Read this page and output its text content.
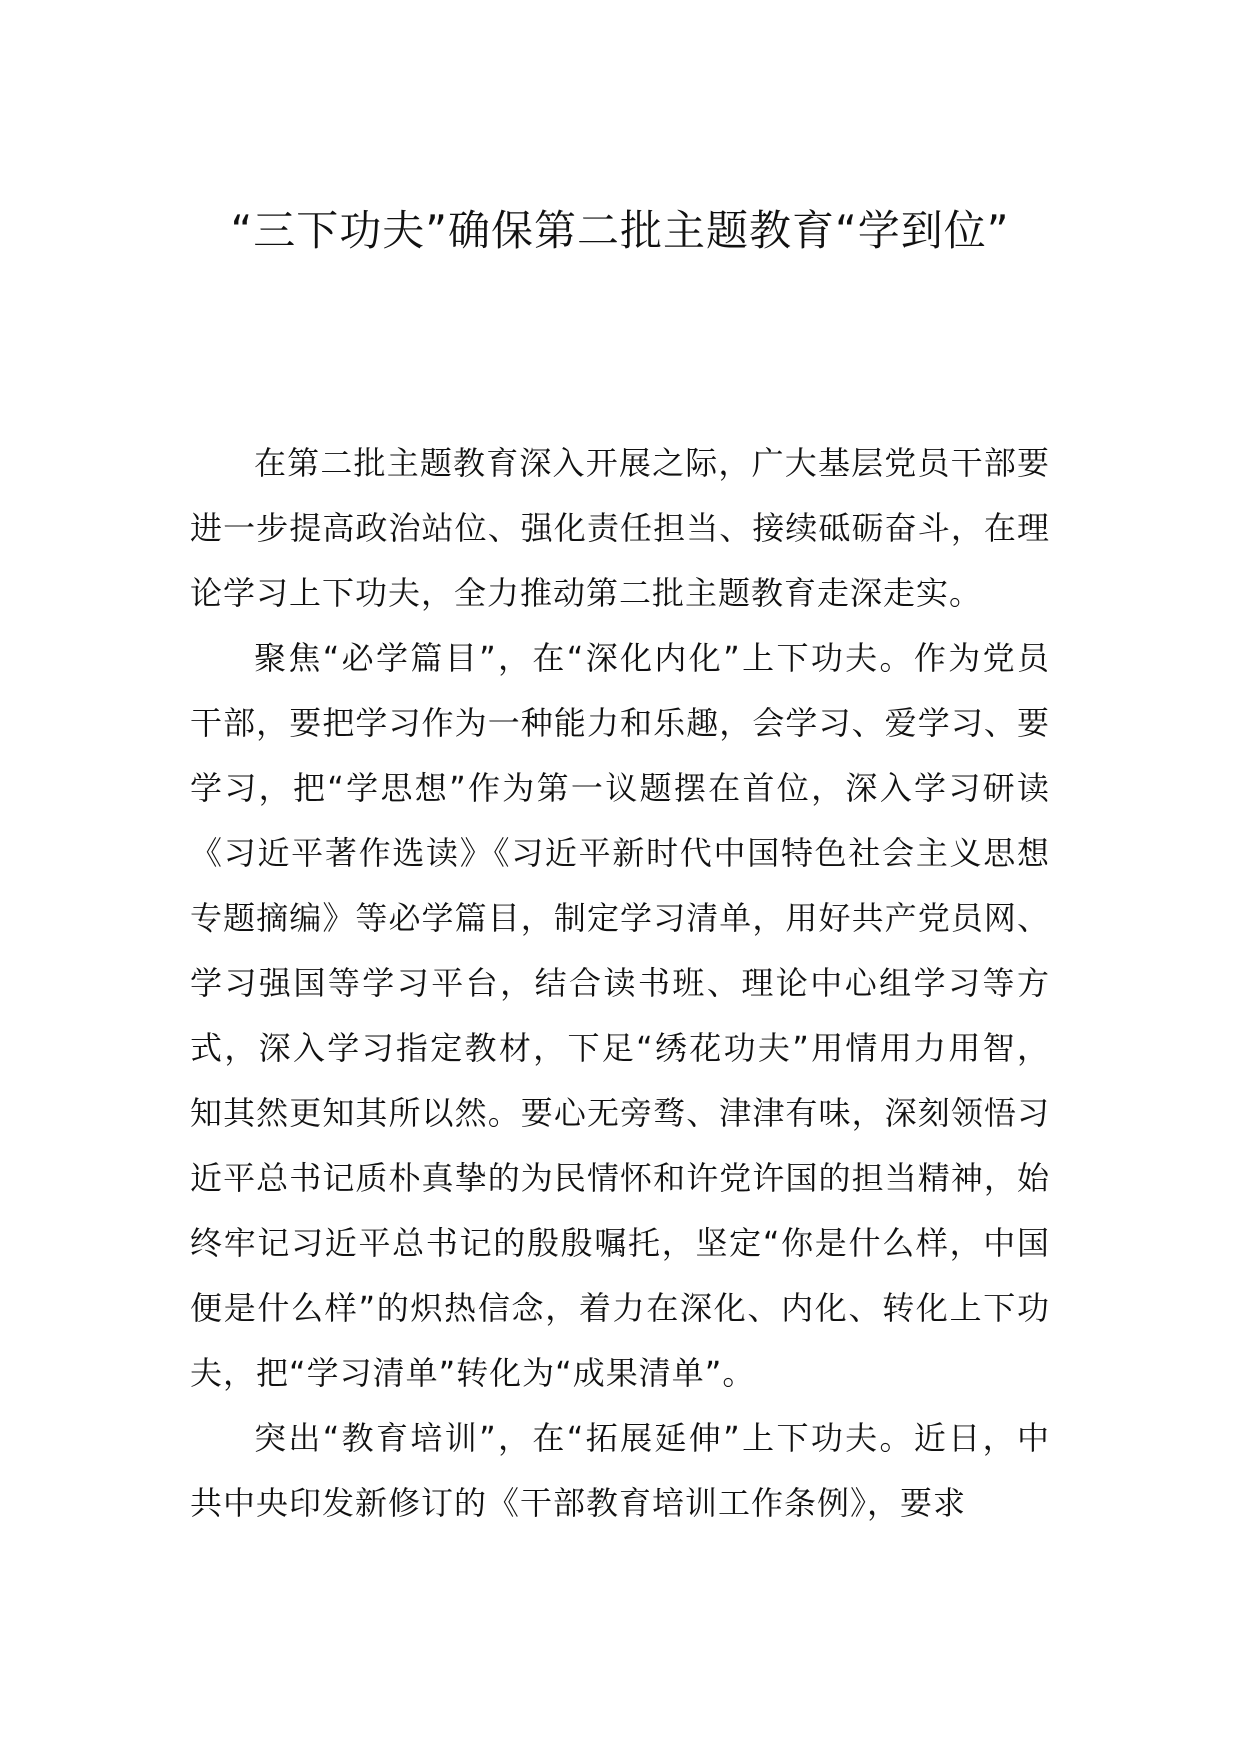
“三下功夫”确保第二批主题教育“学到位”

在第二批主题教育深入开展之际，广大基层党员干部要进一步提高政治站位、强化责任担当、接续砥砺奋斗，在理论学习上下功夫，全力推动第二批主题教育走深走实。

聚焦“必学篇目”，在“深化内化”上下功夫。作为党员干部，要把学习作为一种能力和乐趣，会学习、爱学习、要学习，把“学思想”作为第一议题摆在首位，深入学习研读《习近平著作选读》《习近平新时代中国特色社会主义思想专题摘编》等必学篇目，制定学习清单，用好共产党员网、学习强国等学习平台，结合读书班、理论中心组学习等方式，深入学习指定教材，下足“绣花功夫”用情用力用智，知其然更知其所以然。要心无旁骛、津津有味，深刻领悟习近平总书记质朴真挚的为民情怀和许党许国的担当精神，始终牢记习近平总书记的殷殷嘱托，坚定“你是什么样，中国便是什么样”的炽热信念，着力在深化、内化、转化上下功夫，把“学习清单”转化为“成果清单”。

突出“教育培训”，在“拓展延伸”上下功夫。近日，中共中央印发新修订的《干部教育培训工作条例》，要求
